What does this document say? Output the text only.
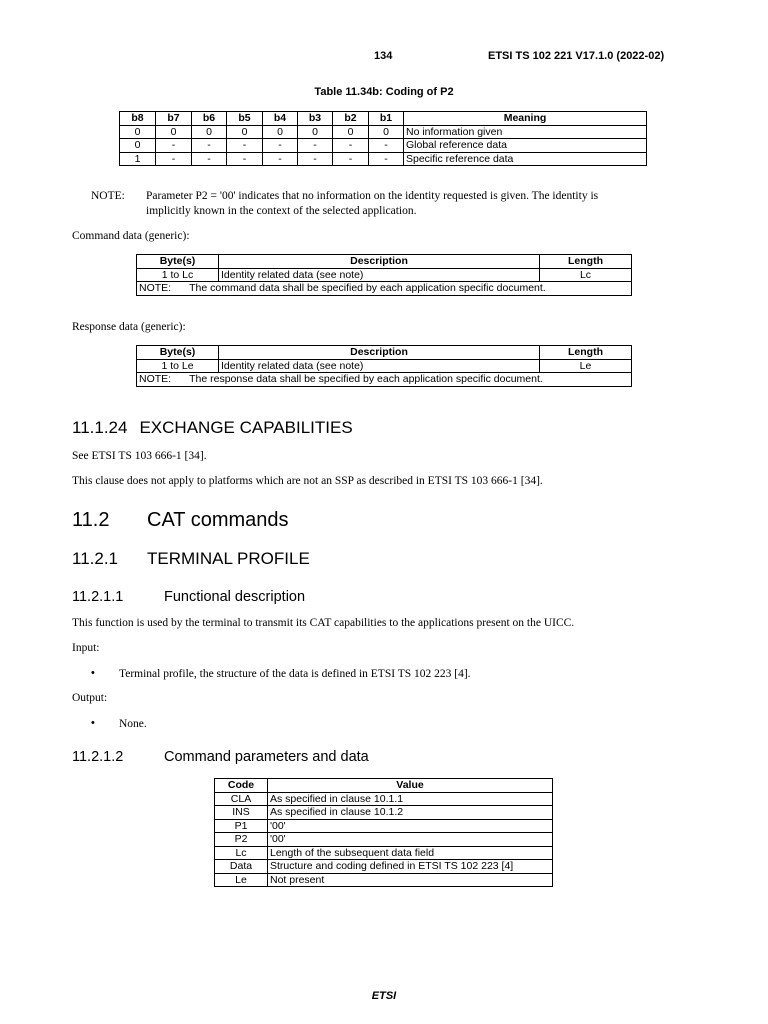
134	ETSI TS 102 221 V17.1.0 (2022-02)
Table 11.34b: Coding of P2
b8	b7	b6	b5	b4	b3	b2	b1	Meaning
0	0	0	0	0	0	0	0	No information given
0	-	-	-	-	-	-	-	Global reference data
1	-	-	-	-	-	-	-	Specific reference data
NOTE: Parameter P2 = '00' indicates that no information on the identity requested is given. The identity is
implicitly known in the context of the selected application.
Command data (generic):
Byte(s)	Description	Length
1 to Lc	Identity related data (see note)	Lc
NOTE: The command data shall be specified by each application specific document.		
Response data (generic):
Byte(s)	Description	Length
1 to Le	Identity related data (see note)	Le
NOTE: The response data shall be specified by each application specific document.		
11.1.24 EXCHANGE CAPABILITIES
See ETSI TS 103 666-1 [34].
This clause does not apply to platforms which are not an SSP as described in ETSI TS 103 666-1 [34].
11.2 CAT commands
11.2.1 TERMINAL PROFILE
11.2.1.1	Functional description
This function is used by the terminal to transmit its CAT capabilities to the applications present on the UICC.
Input:
• Terminal profile, the structure of the data is defined in ETSI TS 102 223 [4].
Output:
• None.
11.2.1.2	Command parameters and data
Code	Value
CLA	As specified in clause 10.1.1
INS	As specified in clause 10.1.2
P1	'00'
P2	'00'
Lc	Length of the subsequent data field
Data	Structure and coding defined in ETSI TS 102 223 [4]
Le	Not present
ETSI
